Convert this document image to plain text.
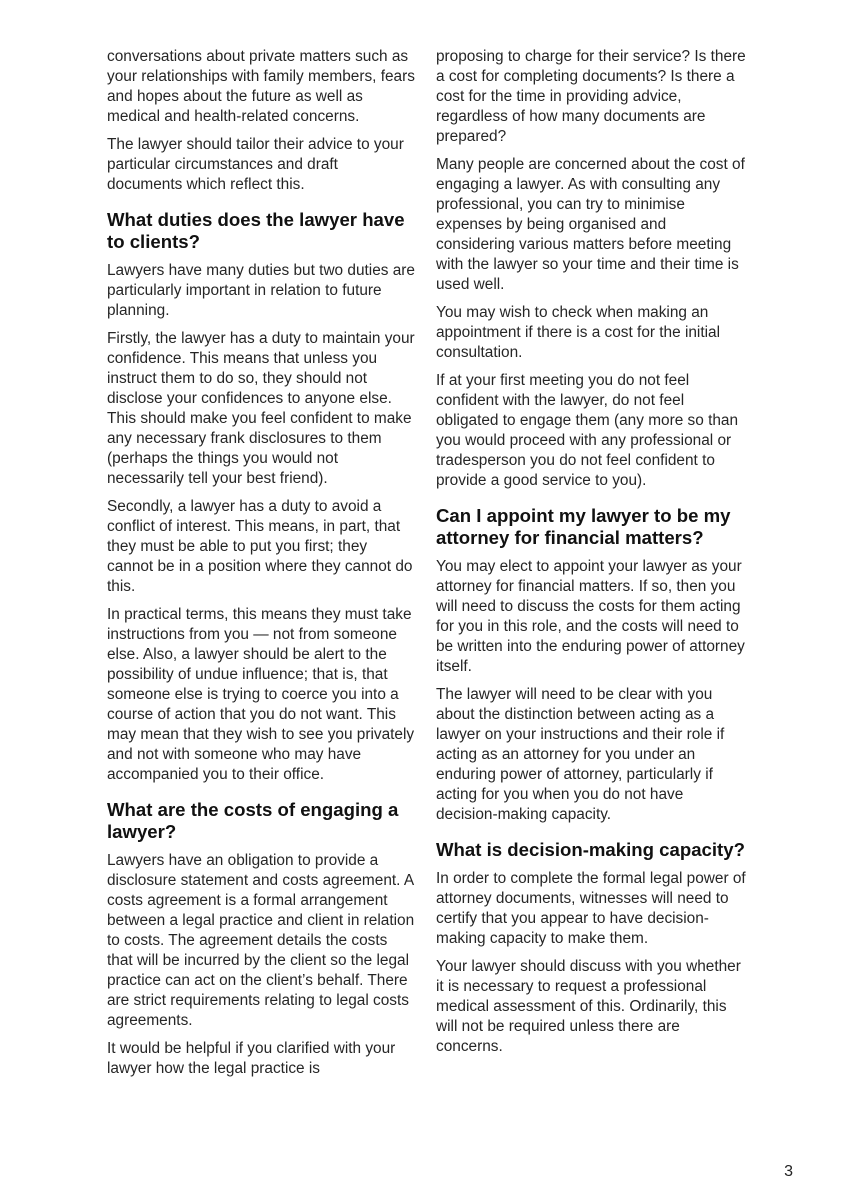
conversations about private matters such as your relationships with family members, fears and hopes about the future as well as medical and health-related concerns.

The lawyer should tailor their advice to your particular circumstances and draft documents which reflect this.

What duties does the lawyer have to clients?

Lawyers have many duties but two duties are particularly important in relation to future planning.

Firstly, the lawyer has a duty to maintain your confidence. This means that unless you instruct them to do so, they should not disclose your confidences to anyone else. This should make you feel confident to make any necessary frank disclosures to them (perhaps the things you would not necessarily tell your best friend).

Secondly, a lawyer has a duty to avoid a conflict of interest. This means, in part, that they must be able to put you first; they cannot be in a position where they cannot do this.

In practical terms, this means they must take instructions from you — not from someone else. Also, a lawyer should be alert to the possibility of undue influence; that is, that someone else is trying to coerce you into a course of action that you do not want. This may mean that they wish to see you privately and not with someone who may have accompanied you to their office.

What are the costs of engaging a lawyer?

Lawyers have an obligation to provide a disclosure statement and costs agreement. A costs agreement is a formal arrangement between a legal practice and client in relation to costs. The agreement details the costs that will be incurred by the client so the legal practice can act on the client’s behalf. There are strict requirements relating to legal costs agreements.

It would be helpful if you clarified with your lawyer how the legal practice is

proposing to charge for their service? Is there a cost for completing documents? Is there a cost for the time in providing advice, regardless of how many documents are prepared?

Many people are concerned about the cost of engaging a lawyer. As with consulting any professional, you can try to minimise expenses by being organised and considering various matters before meeting with the lawyer so your time and their time is used well.

You may wish to check when making an appointment if there is a cost for the initial consultation.

If at your first meeting you do not feel confident with the lawyer, do not feel obligated to engage them (any more so than you would proceed with any professional or tradesperson you do not feel confident to provide a good service to you).

Can I appoint my lawyer to be my attorney for financial matters?

You may elect to appoint your lawyer as your attorney for financial matters. If so, then you will need to discuss the costs for them acting for you in this role, and the costs will need to be written into the enduring power of attorney itself.

The lawyer will need to be clear with you about the distinction between acting as a lawyer on your instructions and their role if acting as an attorney for you under an enduring power of attorney, particularly if acting for you when you do not have decision-making capacity.

What is decision-making capacity?

In order to complete the formal legal power of attorney documents, witnesses will need to certify that you appear to have decision-making capacity to make them.

Your lawyer should discuss with you whether it is necessary to request a professional medical assessment of this. Ordinarily, this will not be required unless there are concerns.

3
